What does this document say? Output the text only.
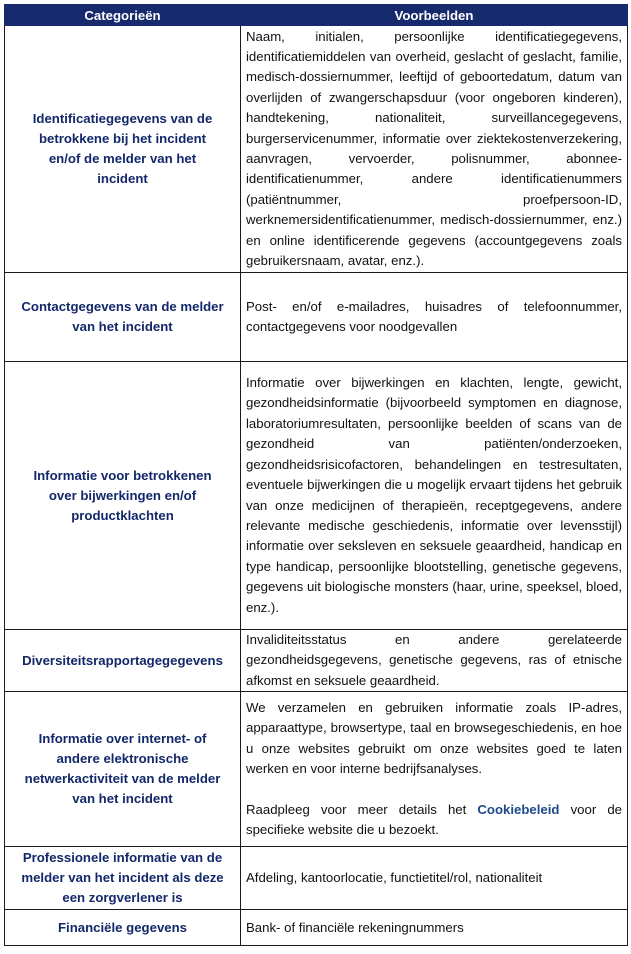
Categorieën	Voorbeelden
Identificatiegegevens van de betrokkene bij het incident en/of de melder van het incident	Naam, initialen, persoonlijke identificatiegegevens, identificatiemiddelen van overheid, geslacht of geslacht, familie, medisch-dossiernummer, leeftijd of geboortedatum, datum van overlijden of zwangerschapsduur (voor ongeboren kinderen), handtekening, nationaliteit, surveillancegegevens, burgerservicenummer, informatie over ziektekostenverzekering, aanvragen, vervoerder, polisnummer, abonnee-identificatienummer, andere identificatienummers (patiëntnummer, proefpersoon-ID, werknemersidentificatienummer, medisch-dossiernummer, enz.) en online identificerende gegevens (accountgegevens zoals gebruikersnaam, avatar, enz.).
Contactgegevens van de melder van het incident	Post- en/of e-mailadres, huisadres of telefoonnummer, contactgegevens voor noodgevallen
Informatie voor betrokkenen over bijwerkingen en/of productklachten	Informatie over bijwerkingen en klachten, lengte, gewicht, gezondheidsinformatie (bijvoorbeeld symptomen en diagnose, laboratoriumresultaten, persoonlijke beelden of scans van de gezondheid van patiënten/onderzoeken, gezondheidsrisicofactoren, behandelingen en testresultaten, eventuele bijwerkingen die u mogelijk ervaart tijdens het gebruik van onze medicijnen of therapieën, receptgegevens, andere relevante medische geschiedenis, informatie over levensstijl) informatie over seksleven en seksuele geaardheid, handicap en type handicap, persoonlijke blootstelling, genetische gegevens, gegevens uit biologische monsters (haar, urine, speeksel, bloed, enz.).
Diversiteitsrapportagegegevens	Invaliditeitsstatus en andere gerelateerde gezondheidsgegevens, genetische gegevens, ras of etnische afkomst en seksuele geaardheid.
Informatie over internet- of andere elektronische netwerkactiviteit van de melder van het incident	We verzamelen en gebruiken informatie zoals IP-adres, apparaattype, browsertype, taal en browsegeschiedenis, en hoe u onze websites gebruikt om onze websites goed te laten werken en voor interne bedrijfsanalyses.
Raadpleeg voor meer details het Cookiebeleid voor de specifieke website die u bezoekt.

Professionele informatie van de melder van het incident als deze een zorgverlener is	Afdeling, kantoorlocatie, functietitel/rol, nationaliteit
Financiële gegevens	Bank- of financiële rekeningnummers
